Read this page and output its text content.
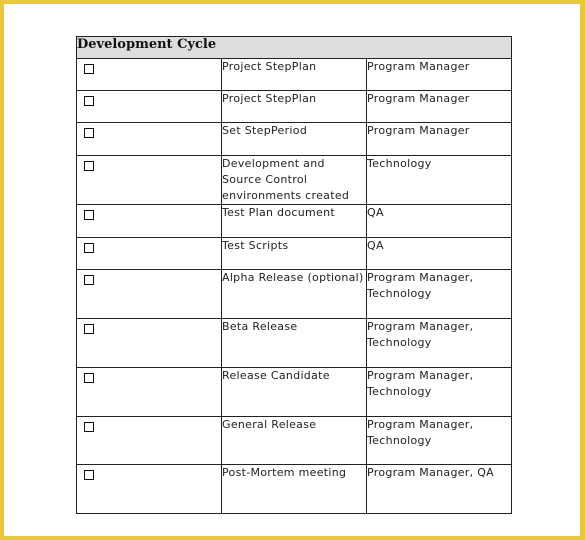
Development Cycle		

	Project StepPlan	Program Manager

	Project StepPlan	Program Manager

	Set StepPeriod	Program Manager

	Development and Source Control environments created	Technology

	Test Plan document	QA

	Test Scripts	QA

	Alpha Release (optional)	Program Manager, Technology

	Beta Release	Program Manager, Technology

	Release Candidate	Program Manager, Technology

	General Release	Program Manager, Technology

	Post-Mortem meeting	Program Manager, QA
